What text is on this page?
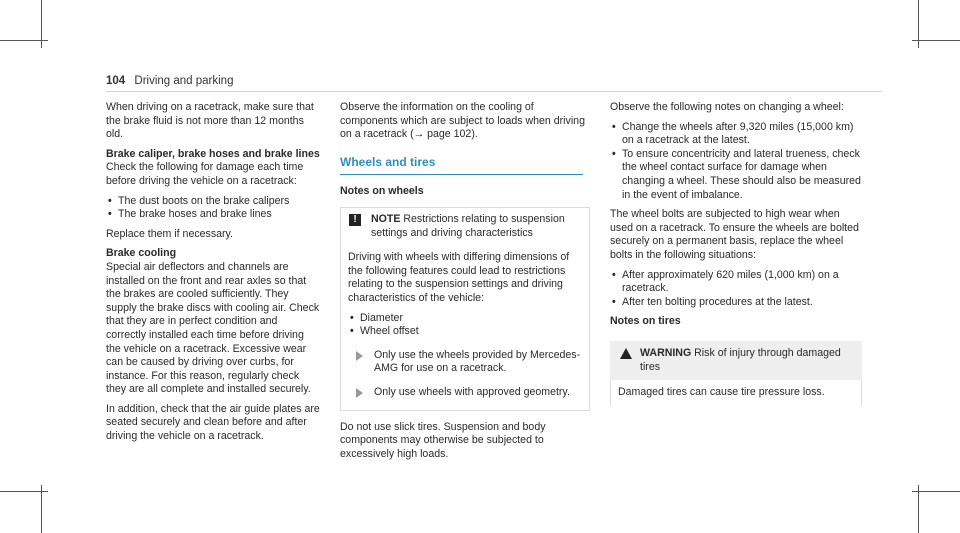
104 Driving and parking

When driving on a racetrack, make sure that the brake fluid is not more than 12 months old.

Brake caliper, brake hoses and brake lines

Check the following for damage each time before driving the vehicle on a racetrack:

• The dust boots on the brake calipers
• The brake hoses and brake lines

Replace them if necessary.

Brake cooling

Special air deflectors and channels are installed on the front and rear axles so that the brakes are cooled sufficiently. They supply the brake discs with cooling air. Check that they are in perfect condition and correctly installed each time before driving the vehicle on a racetrack. Excessive wear can be caused by driving over curbs, for instance. For this reason, regularly check they are all complete and installed securely.

In addition, check that the air guide plates are seated securely and clean before and after driving the vehicle on a racetrack.

Observe the information on the cooling of components which are subject to loads when driving on a racetrack (→ page 102).

Wheels and tires
Notes on wheels
!	NOTE Restrictions relating to suspension settings and driving characteristics

Driving with wheels with differing dimensions of the following features could lead to restrictions relating to the suspension settings and driving characteristics of the vehicle:

• Diameter
• Wheel offset
Only use the wheels provided by Mercedes-AMG for use on a racetrack.
Only use wheels with approved geometry.

Do not use slick tires. Suspension and body components may otherwise be subjected to excessively high loads.

Observe the following notes on changing a wheel:

• Change the wheels after 9,320 miles (15,000 km) on a racetrack at the latest.
• To ensure concentricity and lateral trueness, check the wheel contact surface for damage when changing a wheel. These should also be measured in the event of imbalance.

The wheel bolts are subjected to high wear when used on a racetrack. To ensure the wheels are bolted securely on a permanent basis, replace the wheel bolts in the following situations:

• After approximately 620 miles (1,000 km) on a racetrack.
• After ten bolting procedures at the latest.
Notes on tires
WARNING Risk of injury through damaged tires
Damaged tires can cause tire pressure loss.
